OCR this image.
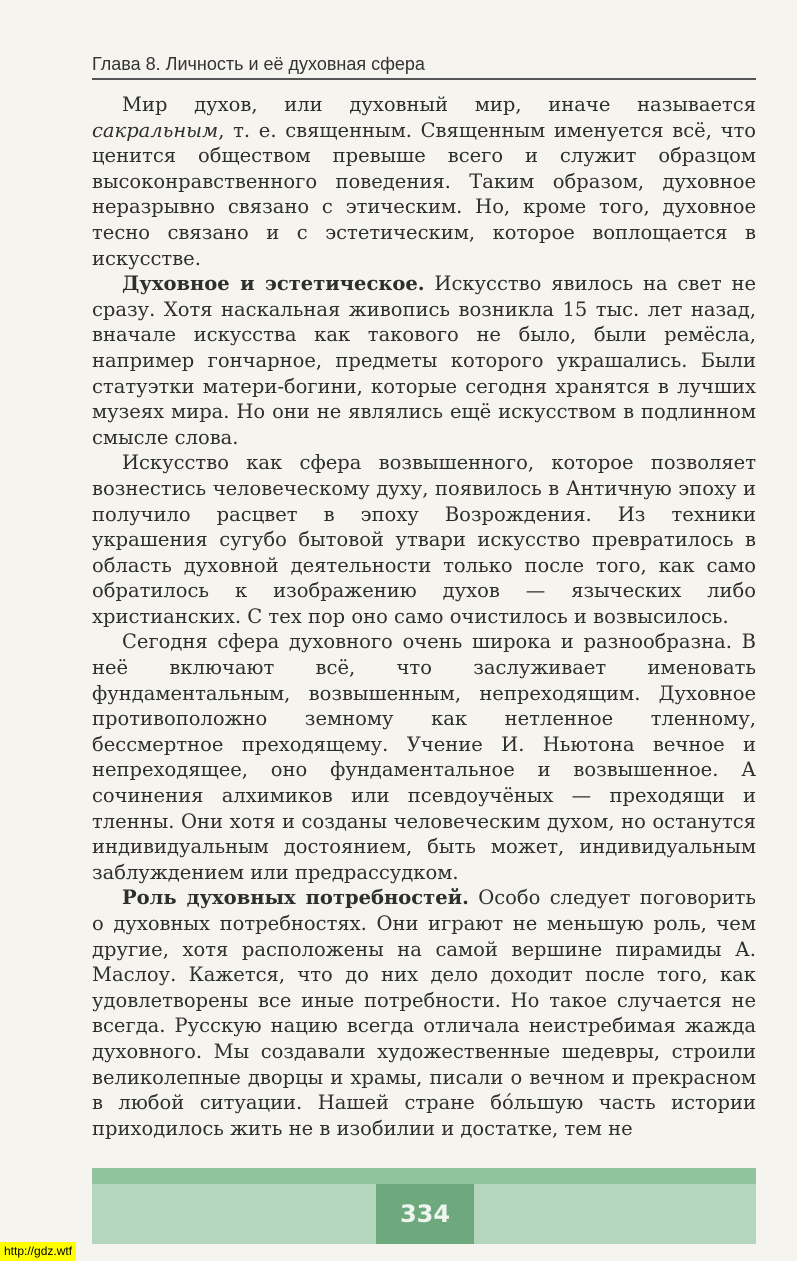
Глава 8. Личность и её духовная сфера

Мир духов, или духовный мир, иначе называется сакральным, т. е. священным. Священным именуется всё, что ценится обществом превыше всего и служит образцом высоконравственного поведения. Таким образом, духовное неразрывно связано с этическим. Но, кроме того, духовное тесно связано и с эстетическим, которое воплощается в искусстве.

Духовное и эстетическое. Искусство явилось на свет не сразу. Хотя наскальная живопись возникла 15 тыс. лет назад, вначале искусства как такового не было, были ремёсла, например гончарное, предметы которого украшались. Были статуэтки матери-богини, которые сегодня хранятся в лучших музеях мира. Но они не являлись ещё искусством в подлинном смысле слова.

Искусство как сфера возвышенного, которое позволяет вознестись человеческому духу, появилось в Античную эпоху и получило расцвет в эпоху Возрождения. Из техники украшения сугубо бытовой утвари искусство превратилось в область духовной деятельности только после того, как само обратилось к изображению духов — языческих либо христианских. С тех пор оно само очистилось и возвысилось.

Сегодня сфера духовного очень широка и разнообразна. В неё включают всё, что заслуживает именовать фундаментальным, возвышенным, непреходящим. Духовное противоположно земному как нетленное тленному, бессмертное преходящему. Учение И. Ньютона вечное и непреходящее, оно фундаментальное и возвышенное. А сочинения алхимиков или псевдоучёных — преходящи и тленны. Они хотя и созданы человеческим духом, но останутся индивидуальным достоянием, быть может, индивидуальным заблуждением или предрассудком.

Роль духовных потребностей. Особо следует поговорить о духовных потребностях. Они играют не меньшую роль, чем другие, хотя расположены на самой вершине пирамиды А. Маслоу. Кажется, что до них дело доходит после того, как удовлетворены все иные потребности. Но такое случается не всегда. Русскую нацию всегда отличала неистребимая жажда духовного. Мы создавали художественные шедевры, строили великолепные дворцы и храмы, писали о вечном и прекрасном в любой ситуации. Нашей стране бóльшую часть истории приходилось жить не в изобилии и достатке, тем не

334
http://gdz.wtf
